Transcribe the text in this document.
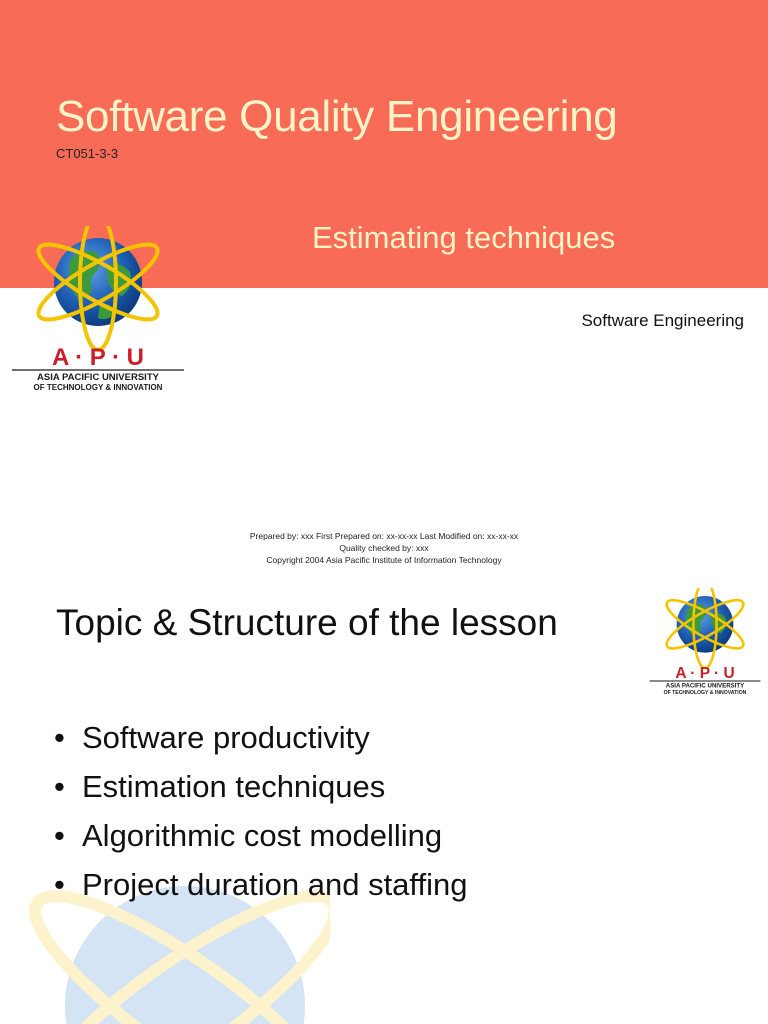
Software Quality Engineering
CT051-3-3
Estimating techniques
Software Engineering
A · P · U
ASIA PACIFIC UNIVERSITY
OF TECHNOLOGY & INNOVATION
Prepared by: xxx First Prepared on: xx-xx-xx Last Modified on: xx-xx-xx
Quality checked by: xxx
Copyright 2004 Asia Pacific Institute of Information Technology
Topic & Structure of the lesson
A · P · U
ASIA PACIFIC UNIVERSITY
OF TECHNOLOGY & INNOVATION
• Software productivity
• Estimation techniques
• Algorithmic cost modelling
• Project duration and staffing
